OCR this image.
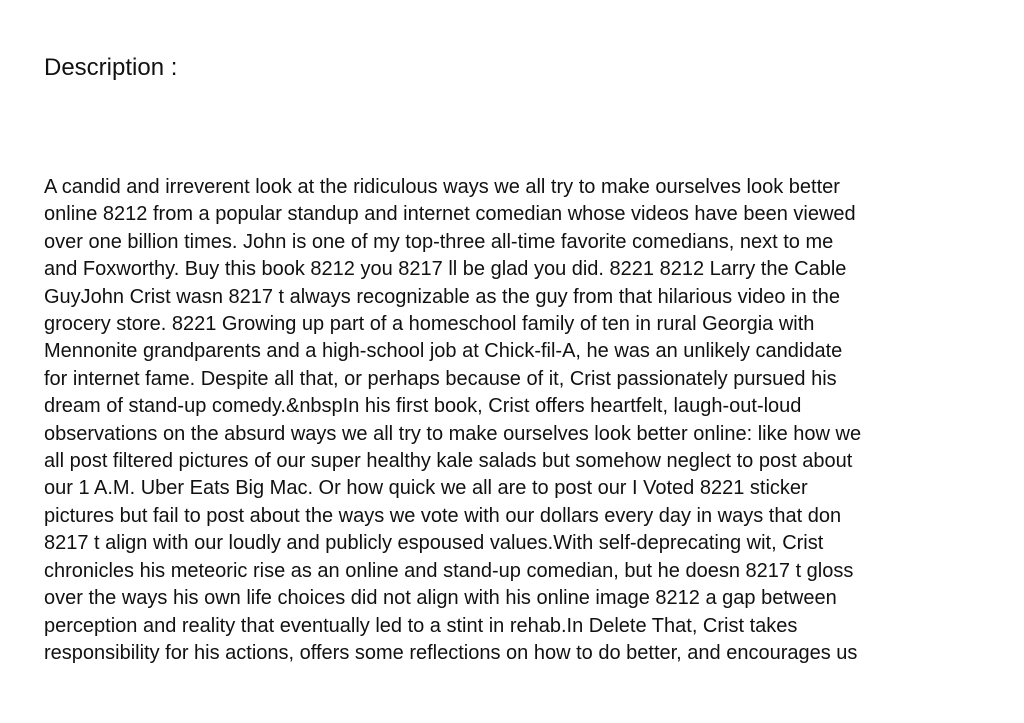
Description :
A candid and irreverent look at the ridiculous ways we all try to make ourselves look better
online 8212 from a popular standup and internet comedian whose videos have been viewed
over one billion times. John is one of my top-three all-time favorite comedians, next to me
and Foxworthy. Buy this book 8212 you 8217 ll be glad you did. 8221 8212 Larry the Cable
GuyJohn Crist wasn 8217 t always recognizable as the guy from that hilarious video in the
grocery store. 8221 Growing up part of a homeschool family of ten in rural Georgia with
Mennonite grandparents and a high-school job at Chick-fil-A, he was an unlikely candidate
for internet fame. Despite all that, or perhaps because of it, Crist passionately pursued his
dream of stand-up comedy.&nbspIn his first book, Crist offers heartfelt, laugh-out-loud
observations on the absurd ways we all try to make ourselves look better online: like how we
all post filtered pictures of our super healthy kale salads but somehow neglect to post about
our 1 A.M. Uber Eats Big Mac. Or how quick we all are to post our I Voted 8221 sticker
pictures but fail to post about the ways we vote with our dollars every day in ways that don
8217 t align with our loudly and publicly espoused values.With self-deprecating wit, Crist
chronicles his meteoric rise as an online and stand-up comedian, but he doesn 8217 t gloss
over the ways his own life choices did not align with his online image 8212 a gap between
perception and reality that eventually led to a stint in rehab.In Delete That, Crist takes
responsibility for his actions, offers some reflections on how to do better, and encourages us
